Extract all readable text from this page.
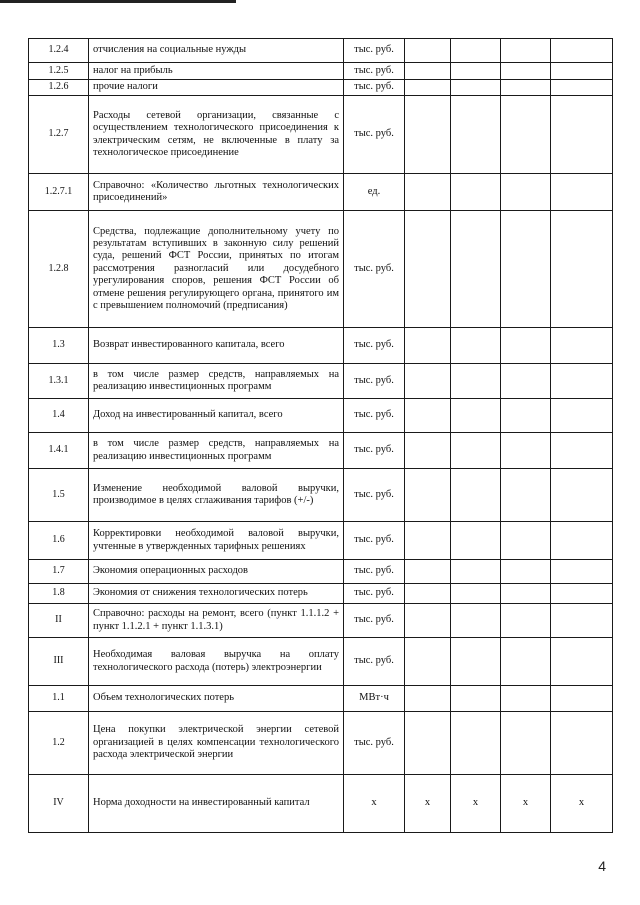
1.2.4	отчисления на социальные нужды	тыс. руб.				
1.2.5	налог на прибыль	тыс. руб.				
1.2.6	прочие налоги	тыс. руб.				
1.2.7	Расходы сетевой организации, связанные с осуществлением технологического присоединения к электрическим сетям, не включенные в плату за технологическое присоединение	тыс. руб.				
1.2.7.1	Справочно: «Количество льготных технологических присоединений»	ед.				
1.2.8	Средства, подлежащие дополнительному учету по результатам вступивших в законную силу решений суда, решений ФСТ России, принятых по итогам рассмотрения разногласий или досудебного урегулирования споров, решения ФСТ России об отмене решения регулирующего органа, принятого им с превышением полномочий (предписания)	тыс. руб.				
1.3	Возврат инвестированного капитала, всего	тыс. руб.				
1.3.1	в том числе размер средств, направляемых на реализацию инвестиционных программ	тыс. руб.				
1.4	Доход на инвестированный капитал, всего	тыс. руб.				
1.4.1	в том числе размер средств, направляемых на реализацию инвестиционных программ	тыс. руб.				
1.5	Изменение необходимой валовой выручки, производимое в целях сглаживания тарифов (+/-)	тыс. руб.				
1.6	Корректировки необходимой валовой выручки, учтенные в утвержденных тарифных решениях	тыс. руб.				
1.7	Экономия операционных расходов	тыс. руб.				
1.8	Экономия от снижения технологических потерь	тыс. руб.				
II	Справочно: расходы на ремонт, всего (пункт 1.1.1.2 + пункт 1.1.2.1 + пункт 1.1.3.1)	тыс. руб.				
III	Необходимая валовая выручка на оплату технологического расхода (потерь) электроэнергии	тыс. руб.				
1.1	Объем технологических потерь	МВт·ч				
1.2	Цена покупки электрической энергии сетевой организацией в целях компенсации технологического расхода электрической энергии	тыс. руб.				
IV	Норма доходности на инвестированный капитал	х	х	х	х	х
4
